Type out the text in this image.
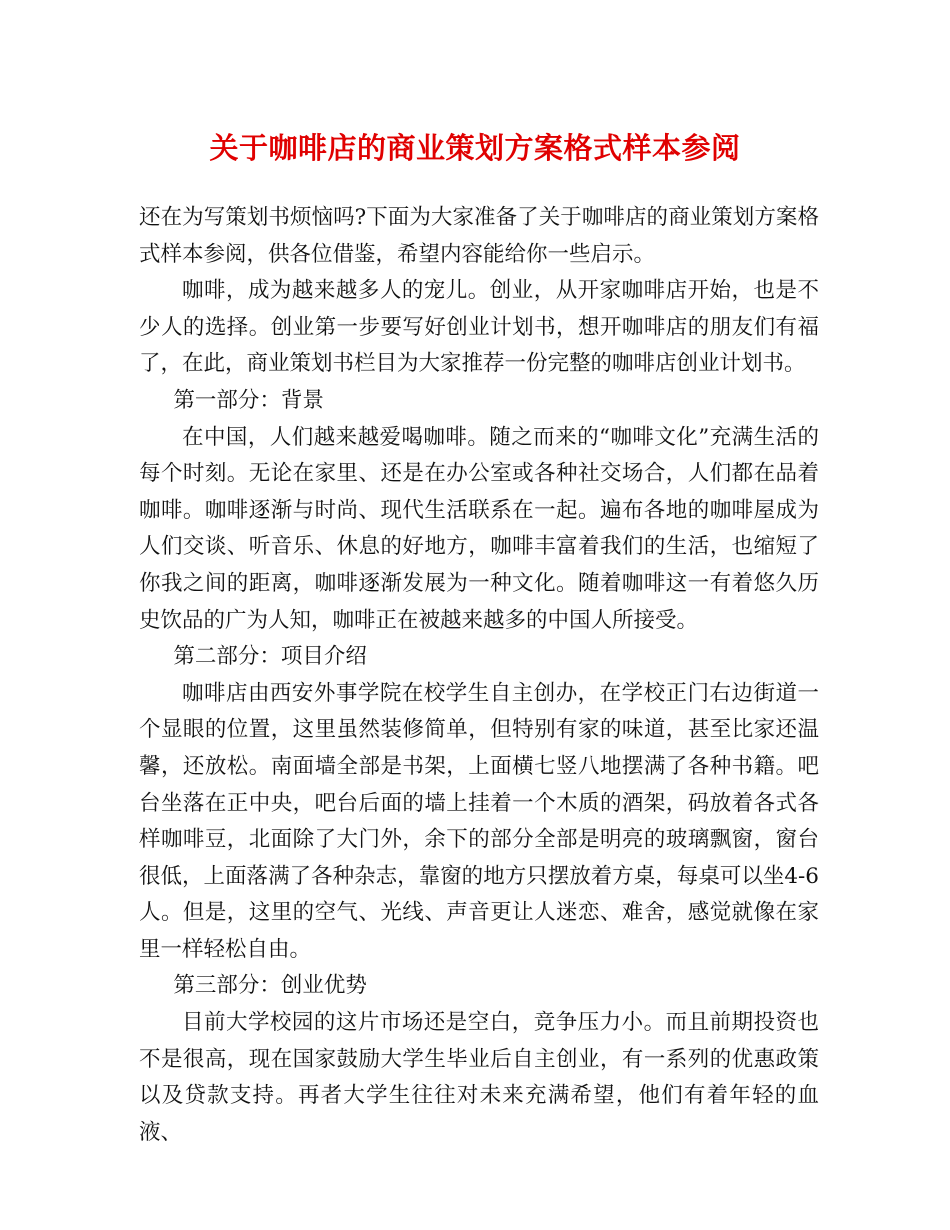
关于咖啡店的商业策划方案格式样本参阅

还在为写策划书烦恼吗?下面为大家准备了关于咖啡店的商业策划方案格式样本参阅，供各位借鉴，希望内容能给你一些启示。

咖啡，成为越来越多人的宠儿。创业，从开家咖啡店开始，也是不少人的选择。创业第一步要写好创业计划书，想开咖啡店的朋友们有福了，在此，商业策划书栏目为大家推荐一份完整的咖啡店创业计划书。

第一部分：背景

在中国，人们越来越爱喝咖啡。随之而来的“咖啡文化”充满生活的每个时刻。无论在家里、还是在办公室或各种社交场合，人们都在品着咖啡。咖啡逐渐与时尚、现代生活联系在一起。遍布各地的咖啡屋成为人们交谈、听音乐、休息的好地方，咖啡丰富着我们的生活，也缩短了你我之间的距离，咖啡逐渐发展为一种文化。随着咖啡这一有着悠久历史饮品的广为人知，咖啡正在被越来越多的中国人所接受。

第二部分：项目介绍

咖啡店由西安外事学院在校学生自主创办，在学校正门右边街道一个显眼的位置，这里虽然装修简单，但特别有家的味道，甚至比家还温馨，还放松。南面墙全部是书架，上面横七竖八地摆满了各种书籍。吧台坐落在正中央，吧台后面的墙上挂着一个木质的酒架，码放着各式各样咖啡豆，北面除了大门外，余下的部分全部是明亮的玻璃飘窗，窗台很低，上面落满了各种杂志，靠窗的地方只摆放着方桌，每桌可以坐4-6人。但是，这里的空气、光线、声音更让人迷恋、难舍，感觉就像在家里一样轻松自由。

第三部分：创业优势

目前大学校园的这片市场还是空白，竞争压力小。而且前期投资也不是很高，现在国家鼓励大学生毕业后自主创业，有一系列的优惠政策以及贷款支持。再者大学生往往对未来充满希望，他们有着年轻的血液、
